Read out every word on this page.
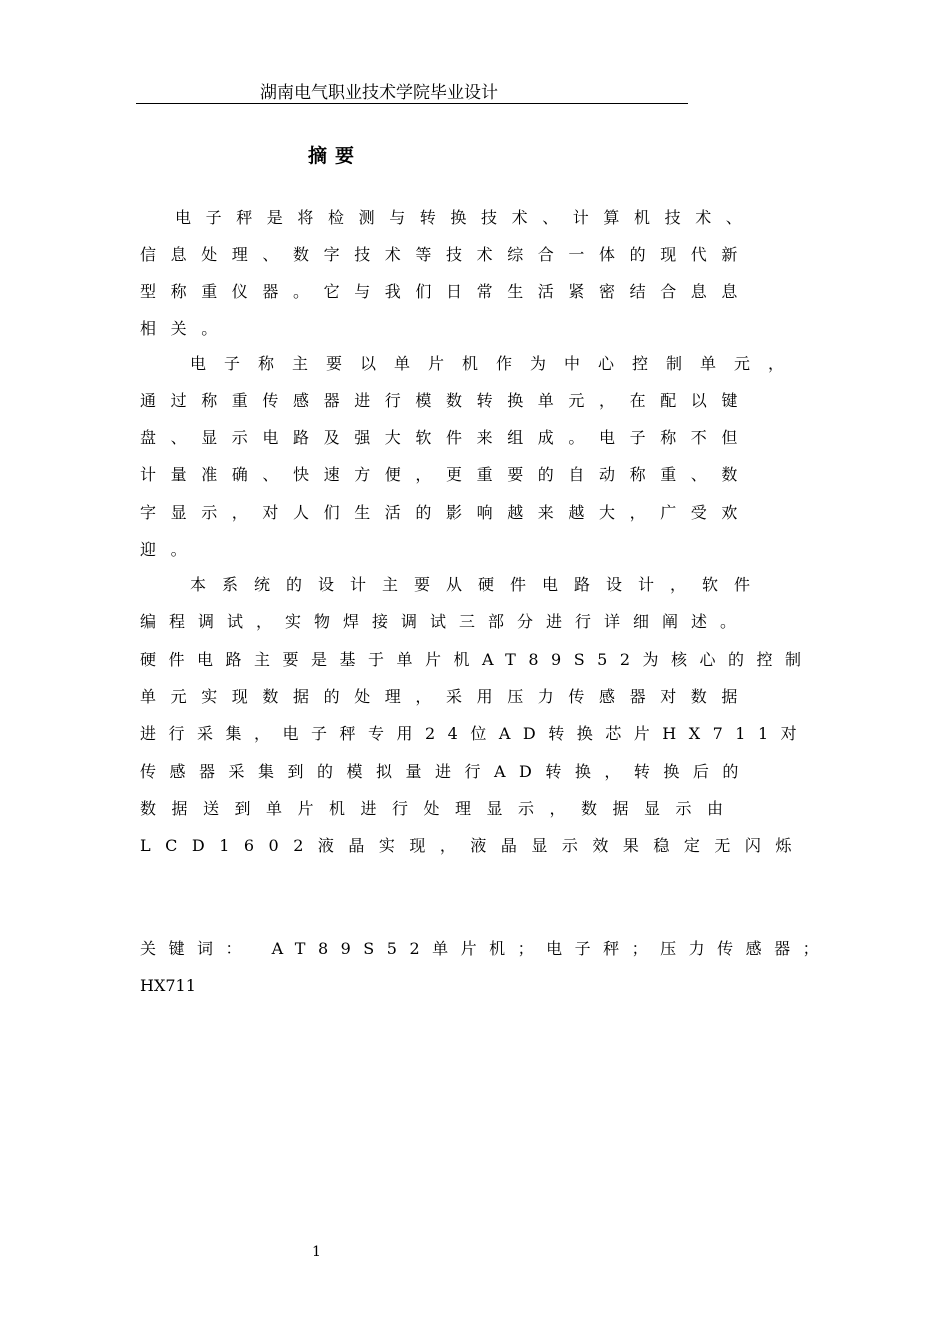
湖南电气职业技术学院毕业设计
摘要
电子秤是将检测与转换技术、计算机技术、
信息处理、数字技术等技术综合一体的现代新
型称重仪器。它与我们日常生活紧密结合息息
相关。
电子称主要以单片机作为中心控制单元，
通过称重传感器进行模数转换单元，在配以键
盘、显示电路及强大软件来组成。电子称不但
计量准确、快速方便，更重要的自动称重、数
字显示，对人们生活的影响越来越大，广受欢
迎。
本系统的设计主要从硬件电路设计，软件
编程调试，实物焊接调试三部分进行详细阐述。
硬件电路主要是基于单片机AT89S52为核心的控制
单元实现数据的处理，采用压力传感器对数据
进行采集，电子秤专用24位AD转换芯片HX711对
传感器采集到的模拟量进行AD转换，转换后的
数据送到单片机进行处理显示，数据显示由
LCD1602液晶实现，液晶显示效果稳定无闪烁
关键词： AT89S52单片机；电子秤；压力传感器；
HX711
1
